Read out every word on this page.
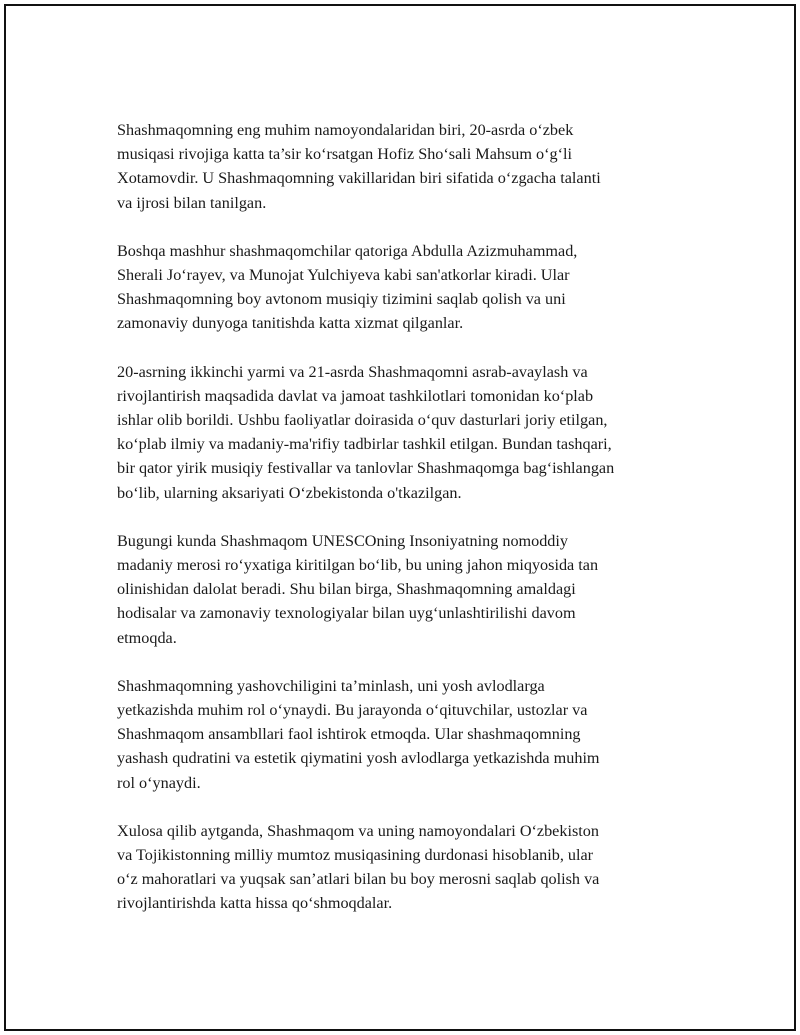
Shashmaqomning eng muhim namoyondalaridan biri, 20-asrda o‘zbek
musiqasi rivojiga katta ta’sir ko‘rsatgan Hofiz Sho‘sali Mahsum o‘g‘li
Xotamovdir. U Shashmaqomning vakillaridan biri sifatida o‘zgacha talanti
va ijrosi bilan tanilgan.

Boshqa mashhur shashmaqomchilar qatoriga Abdulla Azizmuhammad,
Sherali Jo‘rayev, va Munojat Yulchiyeva kabi san'atkorlar kiradi. Ular
Shashmaqomning boy avtonom musiqiy tizimini saqlab qolish va uni
zamonaviy dunyoga tanitishda katta xizmat qilganlar.

20-asrning ikkinchi yarmi va 21-asrda Shashmaqomni asrab-avaylash va
rivojlantirish maqsadida davlat va jamoat tashkilotlari tomonidan ko‘plab
ishlar olib borildi. Ushbu faoliyatlar doirasida o‘quv dasturlari joriy etilgan,
ko‘plab ilmiy va madaniy-ma'rifiy tadbirlar tashkil etilgan. Bundan tashqari,
bir qator yirik musiqiy festivallar va tanlovlar Shashmaqomga bag‘ishlangan
bo‘lib, ularning aksariyati O‘zbekistonda o'tkazilgan.

Bugungi kunda Shashmaqom UNESCOning Insoniyatning nomoddiy
madaniy merosi ro‘yxatiga kiritilgan bo‘lib, bu uning jahon miqyosida tan
olinishidan dalolat beradi. Shu bilan birga, Shashmaqomning amaldagi
hodisalar va zamonaviy texnologiyalar bilan uyg‘unlashtirilishi davom
etmoqda.

Shashmaqomning yashovchiligini ta’minlash, uni yosh avlodlarga
yetkazishda muhim rol o‘ynaydi. Bu jarayonda o‘qituvchilar, ustozlar va
Shashmaqom ansambllari faol ishtirok etmoqda. Ular shashmaqomning
yashash qudratini va estetik qiymatini yosh avlodlarga yetkazishda muhim
rol o‘ynaydi.

Xulosa qilib aytganda, Shashmaqom va uning namoyondalari O‘zbekiston
va Tojikistonning milliy mumtoz musiqasining durdonasi hisoblanib, ular
o‘z mahoratlari va yuqsak san’atlari bilan bu boy merosni saqlab qolish va
rivojlantirishda katta hissa qo‘shmoqdalar.
